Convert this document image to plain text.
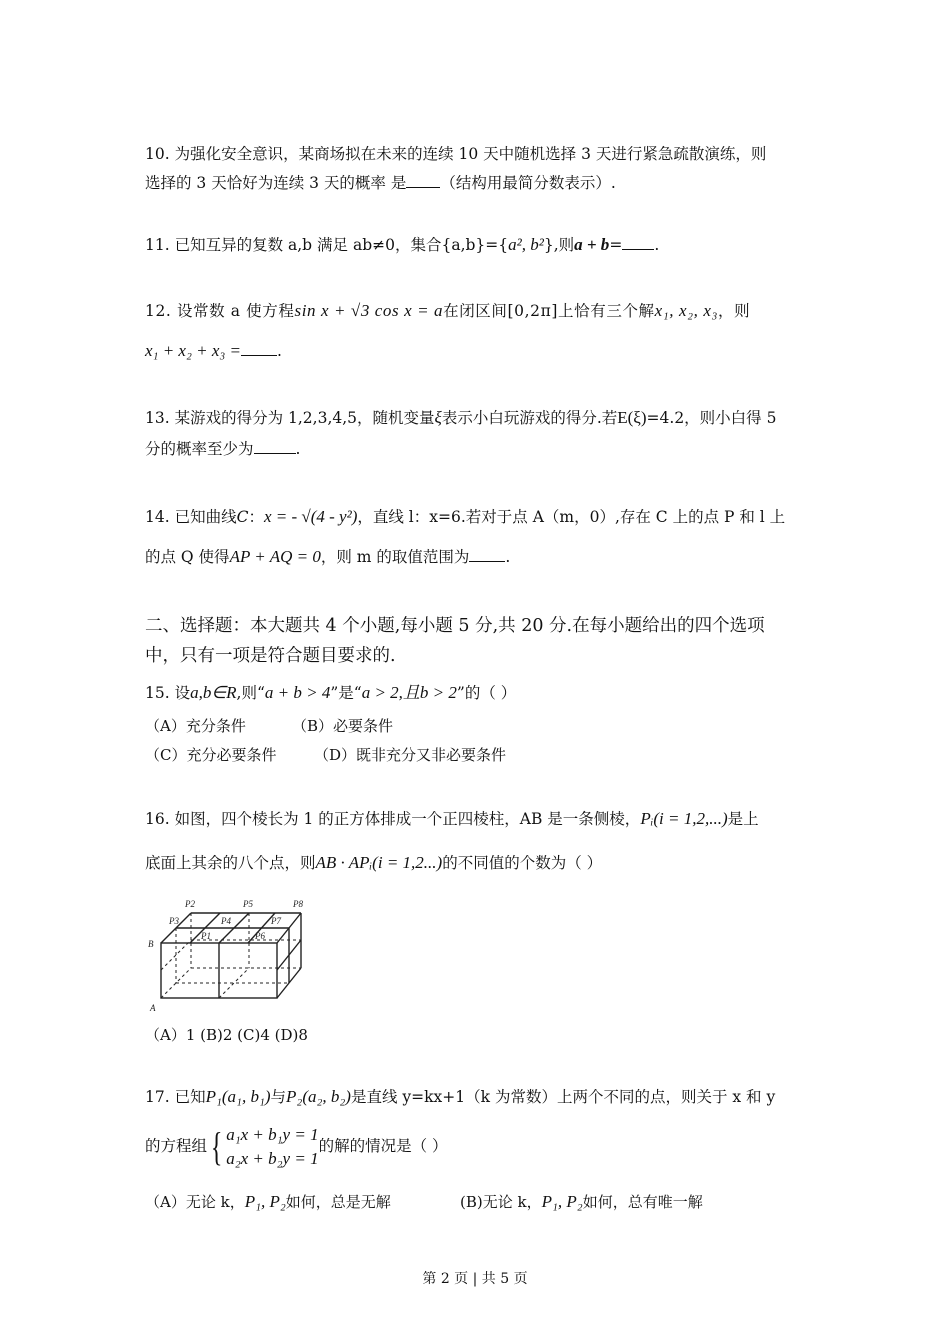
10. 为强化安全意识，某商场拟在未来的连续 10 天中随机选择 3 天进行紧急疏散演练，则
选择的 3 天恰好为连续 3 天的概率 是 （结构用最简分数表示）.
11. 已知互异的复数 a,b 满足 ab≠0，集合{a,b}={a², b²},则a + b= .
12. 设常数 a 使方程sin x + √3 cos x = a在闭区间[0,2π]上恰有三个解x₁, x₂, x₃，则
x₁ + x₂ + x₃ = .
13. 某游戏的得分为 1,2,3,4,5，随机变量ξ表示小白玩游戏的得分.若E(ξ)=4.2，则小白得 5
分的概率至少为	.
14. 已知曲线C：x = - √(4 - y²)，直线 l：x=6.若对于点 A（m，0）,存在 C 上的点 P 和 l 上
的点 Q 使得AP + AQ = 0，则 m 的取值范围为 .
二、选择题：本大题共 4 个小题,每小题 5 分,共 20 分.在每小题给出的四个选项
中，只有一项是符合题目要求的.
15. 设a,b∈R,则“a + b > 4”是“a > 2,且b > 2”的（ ）
（A）充分条件	（B）必要条件
（C）充分必要条件	（D）既非充分又非必要条件
16. 如图，四个棱长为 1 的正方体排成一个正四棱柱，AB 是一条侧棱，Pᵢ(i = 1,2,...)是上
底面上其余的八个点，则AB · APᵢ(i = 1,2...)的不同值的个数为（ ）
B
A
P2	P5	P8
P3	P4	P7
P1	P6
（A）1 (B)2 (C)4 (D)8
17. 已知P₁(a₁, b₁)与P₂(a₂, b₂)是直线 y=kx+1（k 为常数）上两个不同的点，则关于 x 和 y
的方程组{ a₁x + b₁y = 1
a₂x + b₂y = 1
的解的情况是（ ）
（A）无论 k，P₁, P₂如何，总是无解	(B)无论 k，P₁, P₂如何，总有唯一解
第 2 页 | 共 5 页
